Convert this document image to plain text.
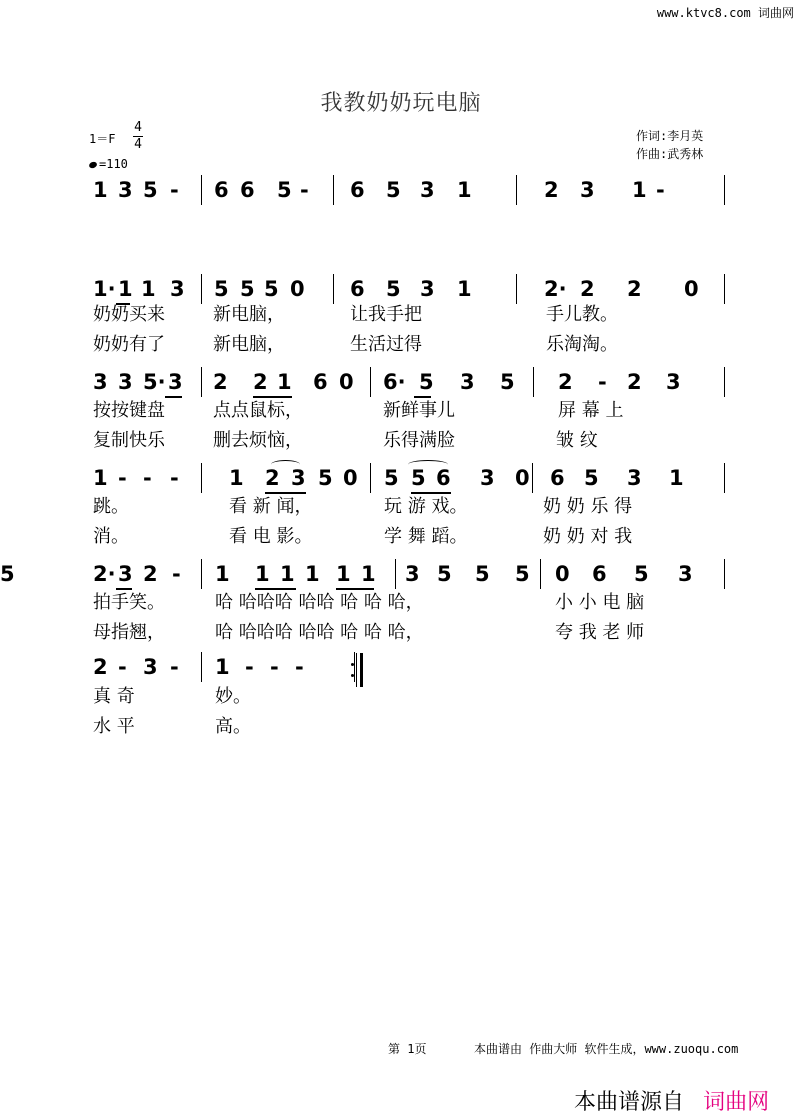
www.ktvc8.com 词曲网
我教奶奶玩电脑
1＝F
4
4
=110
作词:李月英
作曲:武秀林
1 3 5 - 6 6 5 - 6 5 3 1	2 3 1 -
1· 1 1 3 5 5 5 0 6 5 3 1	2· 2 2 0
奶奶买来	新电脑，	让我手把	手儿教。
奶奶有了	新电脑，	生活过得	乐淘淘。
3 3 5· 3 2 2 1 6 0 6· 5 3 5 2 - 2 3
按按键盘	点点鼠标，	新鲜事儿	屏 幕 上
复制快乐	删去烦恼，	乐得满脸	皱 纹
1 - - - 1 2 3 5 0 5 5 6 3 0 6 5 3 1
跳。	看 新 闻，	玩 游 戏。	奶 奶 乐 得
消。	看 电 影。	学 舞 蹈。	奶 奶 对 我
2· 3 2 - 1 1 1 1 1 1 3 5 5 5 0 6 5 3
5
拍手笑。	哈 哈哈哈 哈哈 哈 哈 哈，	小 小 电 脑
母指翘，	哈 哈哈哈 哈哈 哈 哈 哈，	夸 我 老 师
2 - 3 - 1 - - -
真 奇	妙。
水 平	高。
第 1页	本曲谱由 作曲大师 软件生成，www.zuoqu.com
本曲谱源自 词曲网
